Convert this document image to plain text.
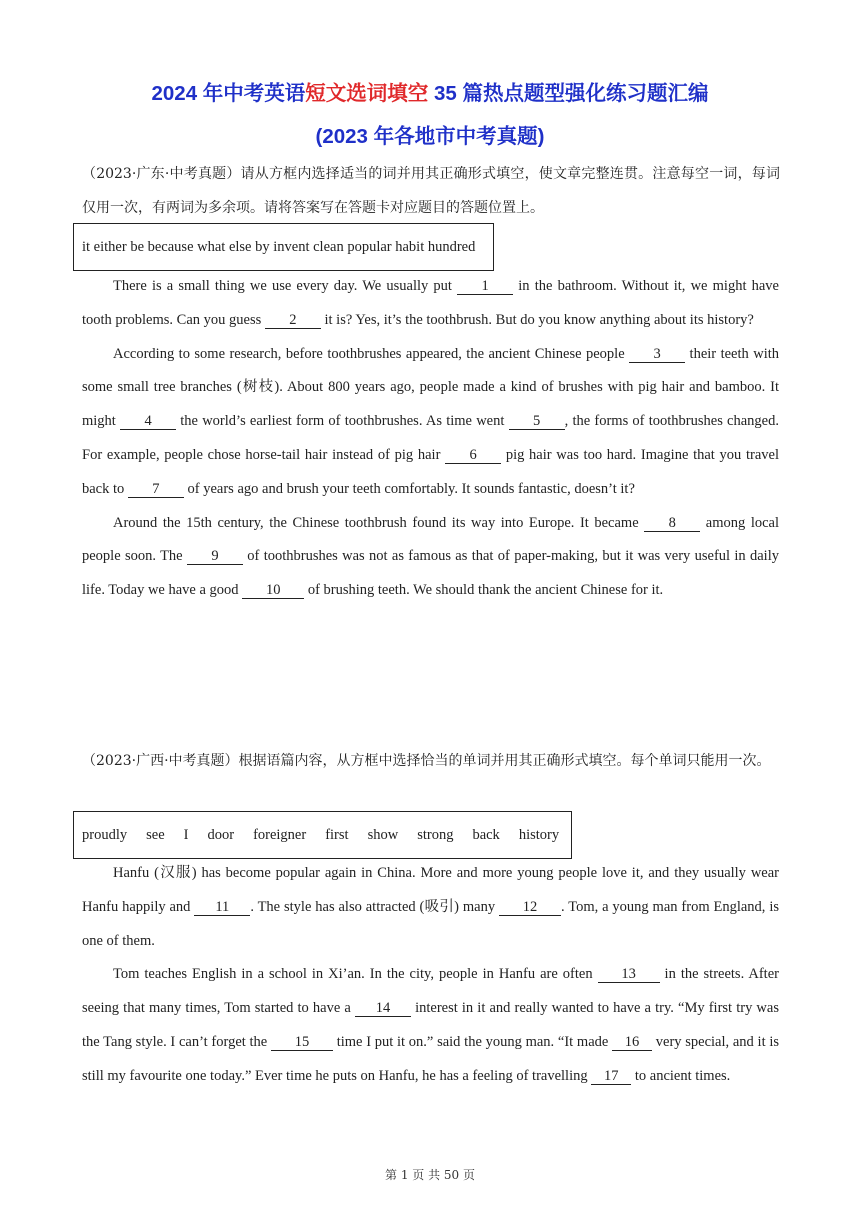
2024 年中考英语短文选词填空 35 篇热点题型强化练习题汇编
(2023 年各地市中考真题)
（2023·广东·中考真题）请从方框内选择适当的词并用其正确形式填空，使文章完整连贯。注意每空一词，每词仅用一次，有两词为多余项。请将答案写在答题卡对应题目的答题位置上。
it either be because what else by invent clean popular habit hundred

There is a small thing we use every day. We usually put 1 in the bathroom. Without it, we might have tooth problems. Can you guess 2 it is? Yes, it’s the toothbrush. But do you know anything about its history?

According to some research, before toothbrushes appeared, the ancient Chinese people 3 their teeth with some small tree branches (树枝). About 800 years ago, people made a kind of brushes with pig hair and bamboo. It might 4 the world’s earliest form of toothbrushes. As time went 5 , the forms of toothbrushes changed. For example, people chose horse-tail hair instead of pig hair 6 pig hair was too hard. Imagine that you travel back to 7 of years ago and brush your teeth comfortably. It sounds fantastic, doesn’t it?

Around the 15th century, the Chinese toothbrush found its way into Europe. It became 8 among local people soon. The 9 of toothbrushes was not as famous as that of paper-making, but it was very useful in daily life. Today we have a good 10 of brushing teeth. We should thank the ancient Chinese for it.

（2023·广西·中考真题）根据语篇内容，从方框中选择恰当的单词并用其正确形式填空。每个单词只能用一次。
proudly see I door foreigner first show strong back history

Hanfu (汉服) has become popular again in China. More and more young people love it, and they usually wear Hanfu happily and 11 . The style has also attracted (吸引) many 12 . Tom, a young man from England, is one of them.

Tom teaches English in a school in Xi’an. In the city, people in Hanfu are often 13 in the streets. After seeing that many times, Tom started to have a 14 interest in it and really wanted to have a try. “My first try was the Tang style. I can’t forget the 15 time I put it on.” said the young man. “It made 16 very special, and it is still my favourite one today.” Ever time he puts on Hanfu, he has a feeling of travelling 17 to ancient times.

第 1 页 共 50 页
